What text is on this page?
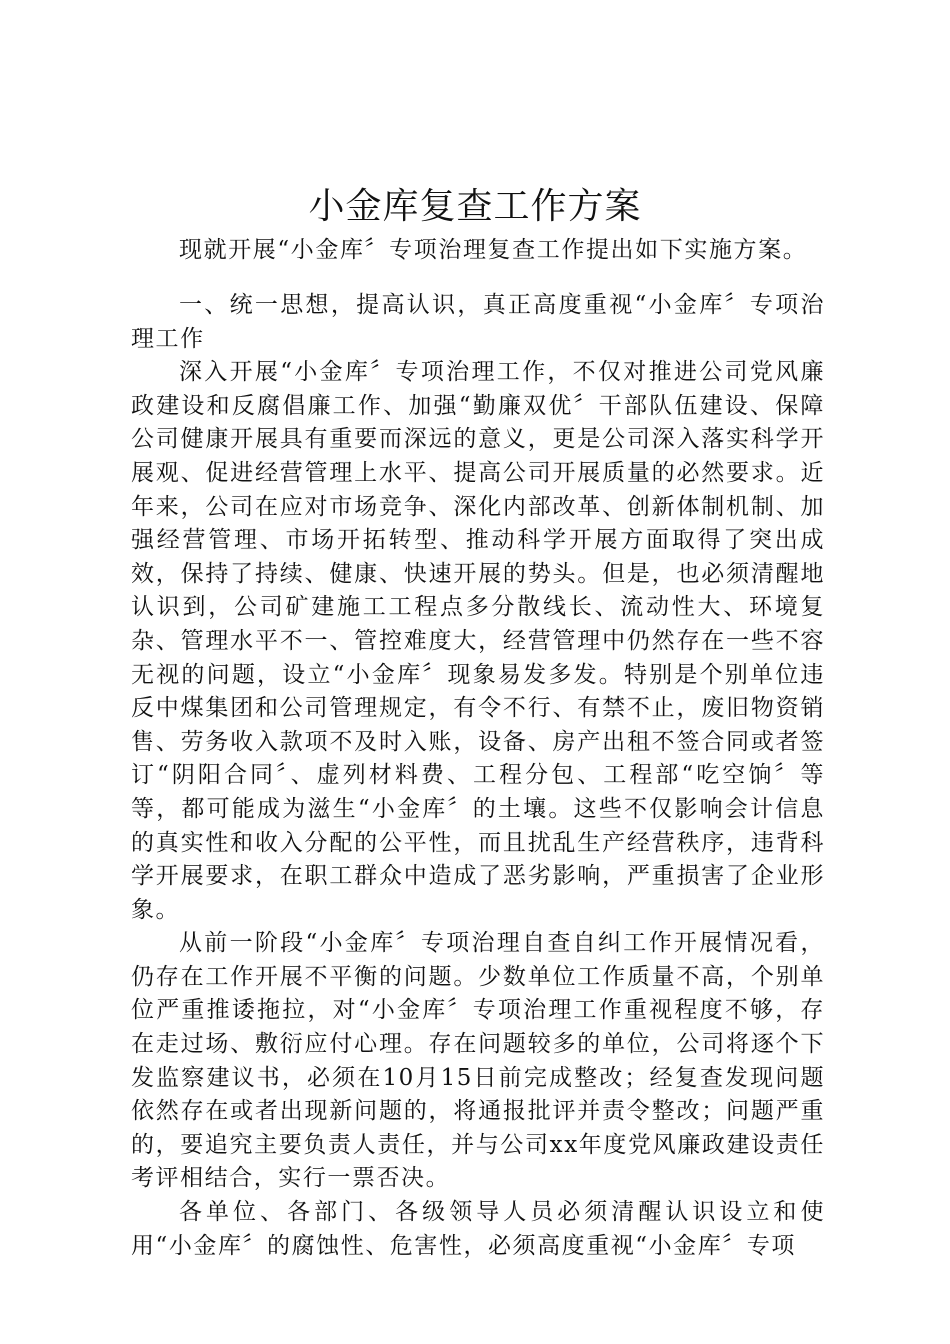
小金库复查工作方案

现就开展“小金库〞专项治理复查工作提出如下实施方案。

一、统一思想，提高认识，真正高度重视“小金库〞专项治理工作

深入开展“小金库〞专项治理工作，不仅对推进公司党风廉政建设和反腐倡廉工作、加强“勤廉双优〞干部队伍建设、保障公司健康开展具有重要而深远的意义，更是公司深入落实科学开展观、促进经营管理上水平、提高公司开展质量的必然要求。近年来，公司在应对市场竞争、深化内部改革、创新体制机制、加强经营管理、市场开拓转型、推动科学开展方面取得了突出成效，保持了持续、健康、快速开展的势头。但是，也必须清醒地认识到，公司矿建施工工程点多分散线长、流动性大、环境复杂、管理水平不一、管控难度大，经营管理中仍然存在一些不容无视的问题，设立“小金库〞现象易发多发。特别是个别单位违反中煤集团和公司管理规定，有令不行、有禁不止，废旧物资销售、劳务收入款项不及时入账，设备、房产出租不签合同或者签订“阴阳合同〞、虚列材料费、工程分包、工程部“吃空饷〞等等，都可能成为滋生“小金库〞的土壤。这些不仅影响会计信息的真实性和收入分配的公平性，而且扰乱生产经营秩序，违背科学开展要求，在职工群众中造成了恶劣影响，严重损害了企业形象。

从前一阶段“小金库〞专项治理自查自纠工作开展情况看，仍存在工作开展不平衡的问题。少数单位工作质量不高，个别单位严重推诿拖拉，对“小金库〞专项治理工作重视程度不够，存在走过场、敷衍应付心理。存在问题较多的单位，公司将逐个下发监察建议书，必须在10月15日前完成整改；经复查发现问题依然存在或者出现新问题的，将通报批评并责令整改；问题严重的，要追究主要负责人责任，并与公司xx年度党风廉政建设责任考评相结合，实行一票否决。

各单位、各部门、各级领导人员必须清醒认识设立和使用“小金库〞的腐蚀性、危害性，必须高度重视“小金库〞专项
